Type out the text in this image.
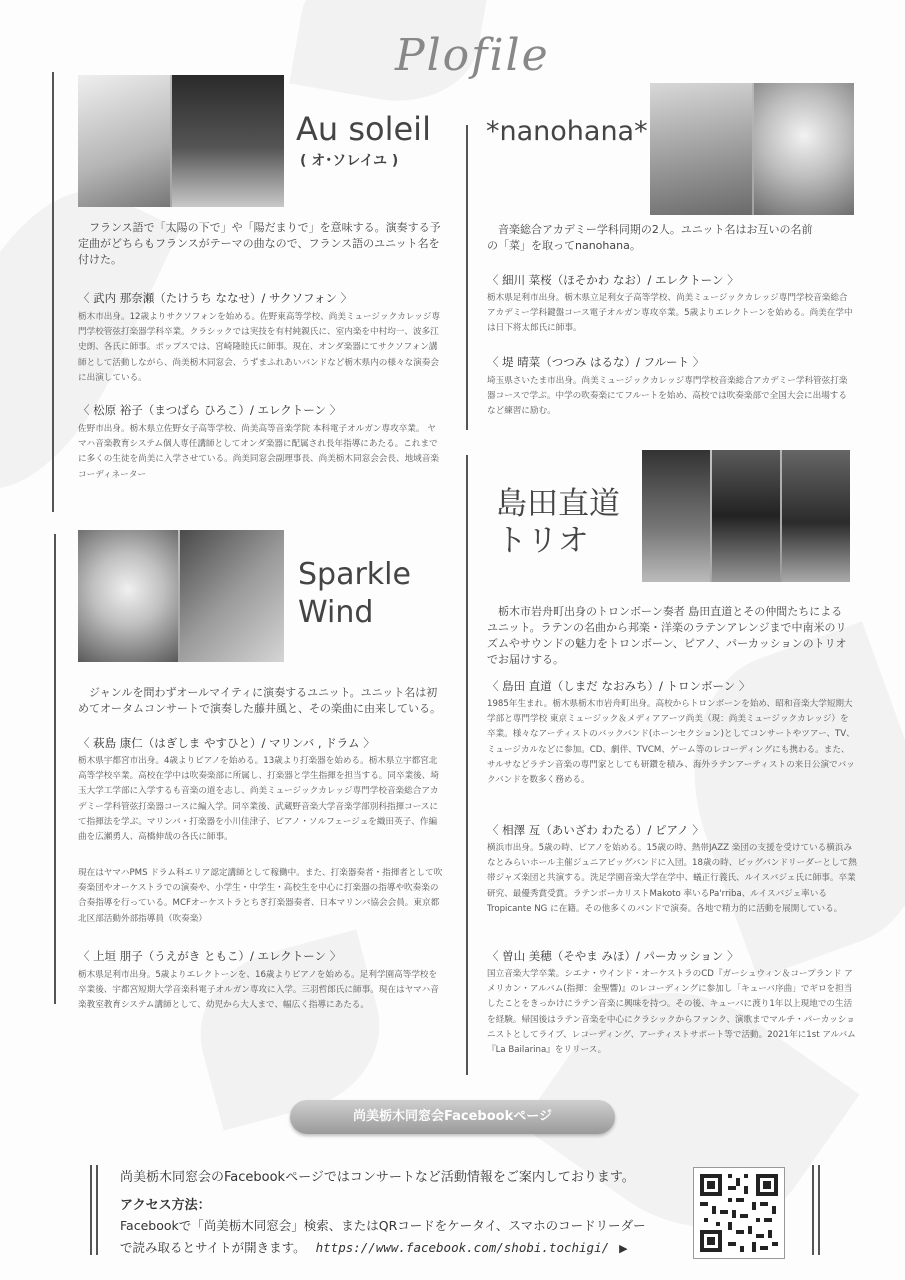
Plofile
Au soleil
( オ･ソレイユ )
　フランス語で「太陽の下で」や「陽だまりで」を意味する。演奏する予定曲がどちらもフランスがテーマの曲なので、フランス語のユニット名を付けた。
〈 武内 那奈瀬（たけうち ななせ）/ サクソフォン 〉
栃木市出身。12歳よりサクソフォンを始める。佐野東高等学校、尚美ミュージックカレッジ専門学校管弦打楽器学科卒業。クラシックでは実技を有村純親氏に、室内楽を中村均一、波多江史朗、各氏に師事。ポップスでは、宮崎隆睦氏に師事。現在、オンダ楽器にてサクソフォン講師として活動しながら、尚美栃木同窓会、うずまふれあいバンドなど栃木県内の様々な演奏会に出演している。
〈 松原 裕子（まつばら ひろこ）/ エレクトーン 〉
佐野市出身。栃木県立佐野女子高等学校、尚美高等音楽学院 本科電子オルガン専攻卒業。 ヤマハ音楽教育システム個人専任講師としてオンダ楽器に配属され長年指導にあたる。これまでに多くの生徒を尚美に入学させている。尚美同窓会副理事長、尚美栃木同窓会会長、地域音楽コーディネーター
*nanohana*
　音楽総合アカデミー学科同期の2人。ユニット名はお互いの名前の「菜」を取ってnanohana。
〈 細川 菜桜（ほそかわ なお）/ エレクトーン 〉
栃木県足利市出身。栃木県立足利女子高等学校、尚美ミュージックカレッジ専門学校音楽総合アカデミー学科鍵盤コース電子オルガン専攻卒業。5歳よりエレクトーンを始める。尚美在学中は日下将太郎氏に師事。
〈 堤 晴菜（つつみ はるな）/ フルート 〉
埼玉県さいたま市出身。尚美ミュージックカレッジ専門学校音楽総合アカデミー学科管弦打楽器コースで学ぶ。中学の吹奏楽にてフルートを始め、高校では吹奏楽部で全国大会に出場するなど練習に励む。
Sparkle
Wind
　ジャンルを問わずオールマイティに演奏するユニット。ユニット名は初めてオータムコンサートで演奏した藤井風と、その楽曲に由来している。
〈 萩島 康仁（はぎしま やすひと）/ マリンバ , ドラム 〉
栃木県宇都宮市出身。4歳よりピアノを始める。13歳より打楽器を始める。栃木県立宇都宮北高等学校卒業。高校在学中は吹奏楽部に所属し、打楽器と学生指揮を担当する。同卒業後、埼玉大学工学部に入学するも音楽の道を志し、尚美ミュージックカレッジ専門学校音楽総合アカデミー学科管弦打楽器コースに編入学。同卒業後、武蔵野音楽大学音楽学部別科指揮コースにて指揮法を学ぶ。マリンバ・打楽器を小川佳津子、ピアノ・ソルフェージュを織田英子、作編曲を広瀬勇人、高橋伸哉の各氏に師事。
現在はヤマハPMS ドラム科エリア認定講師として稼働中。また、打楽器奏者・指揮者として吹奏楽団やオーケストラでの演奏や、小学生・中学生・高校生を中心に打楽器の指導や吹奏楽の合奏指導を行っている。MCFオーケストラとちぎ打楽器奏者、日本マリンバ協会会員。東京都北区部活動外部指導員（吹奏楽）
〈 上垣 朋子（うえがき ともこ）/ エレクトーン 〉
栃木県足利市出身。5歳よりエレクトーンを、16歳よりピアノを始める。足利学園高等学校を卒業後、宇都宮短期大学音楽科電子オルガン専攻に入学。三羽哲郎氏に師事。現在はヤマハ音楽教室教育システム講師として、幼児から大人まで、幅広く指導にあたる。
島田直道
トリオ
　栃木市岩舟町出身のトロンボーン奏者 島田直道とその仲間たちによるユニット。ラテンの名曲から邦楽・洋楽のラテンアレンジまで中南米のリズムやサウンドの魅力をトロンボーン、ピアノ、パーカッションのトリオでお届けする。
〈 島田 直道（しまだ なおみち）/ トロンボーン 〉
1985年生まれ。栃木県栃木市岩舟町出身。高校からトロンボーンを始め、昭和音楽大学短期大学部と専門学校 東京ミュージック＆メディアアーツ尚美（現：尚美ミュージックカレッジ）を卒業。様々なアーティストのバックバンド(ホーンセクション)としてコンサートやツアー、TV、ミュージカルなどに参加。CD、劇伴、TVCM、ゲーム等のレコーディングにも携わる。また、サルサなどラテン音楽の専門家としても研鑽を積み、海外ラテンアーティストの来日公演でバックバンドを数多く務める。
〈 相澤 亙（あいざわ わたる）/ ピアノ 〉
横浜市出身。5歳の時、ピアノを始める。15歳の時、熱帯JAZZ 楽団の支援を受けている横浜みなとみらいホール主催ジュニアビッグバンドに入団。18歳の時、ビッグバンドリーダーとして熱帯ジャズ楽団と共演する。洗足学園音楽大学在学中、蟻正行義氏、ルイスバジェ氏に師事。卒業研究、最優秀賞受賞。ラテンボーカリストMakoto 率いるPa'rriba、ルイスバジェ率いるTropicante NG に在籍。その他多くのバンドで演奏。各地で精力的に活動を展開している。
〈 曽山 美穂（そやま みほ）/ パーカッション 〉
国立音楽大学卒業。シエナ・ウインド・オーケストラのCD『ガーシュウィン＆コープランド アメリカン・アルバム(指揮：金聖響)』のレコーディングに参加し「キューバ序曲」でギロを担当したことをきっかけにラテン音楽に興味を持つ。その後、キューバに渡り1年以上現地での生活を経験。帰国後はラテン音楽を中心にクラシックからファンク、演歌までマルチ・パーカッショニストとしてライブ、レコーディング、アーティストサポート等で活動。2021年に1st アルバム『La Bailarina』をリリース。
尚美栃木同窓会Facebookページ
尚美栃木同窓会のFacebookページではコンサートなど活動情報をご案内しております。
アクセス方法：
Facebookで「尚美栃木同窓会」検索、またはQRコードをケータイ、スマホのコードリーダー
で読み取るとサイトが開きます。 https://www.facebook.com/shobi.tochigi/ ▶
